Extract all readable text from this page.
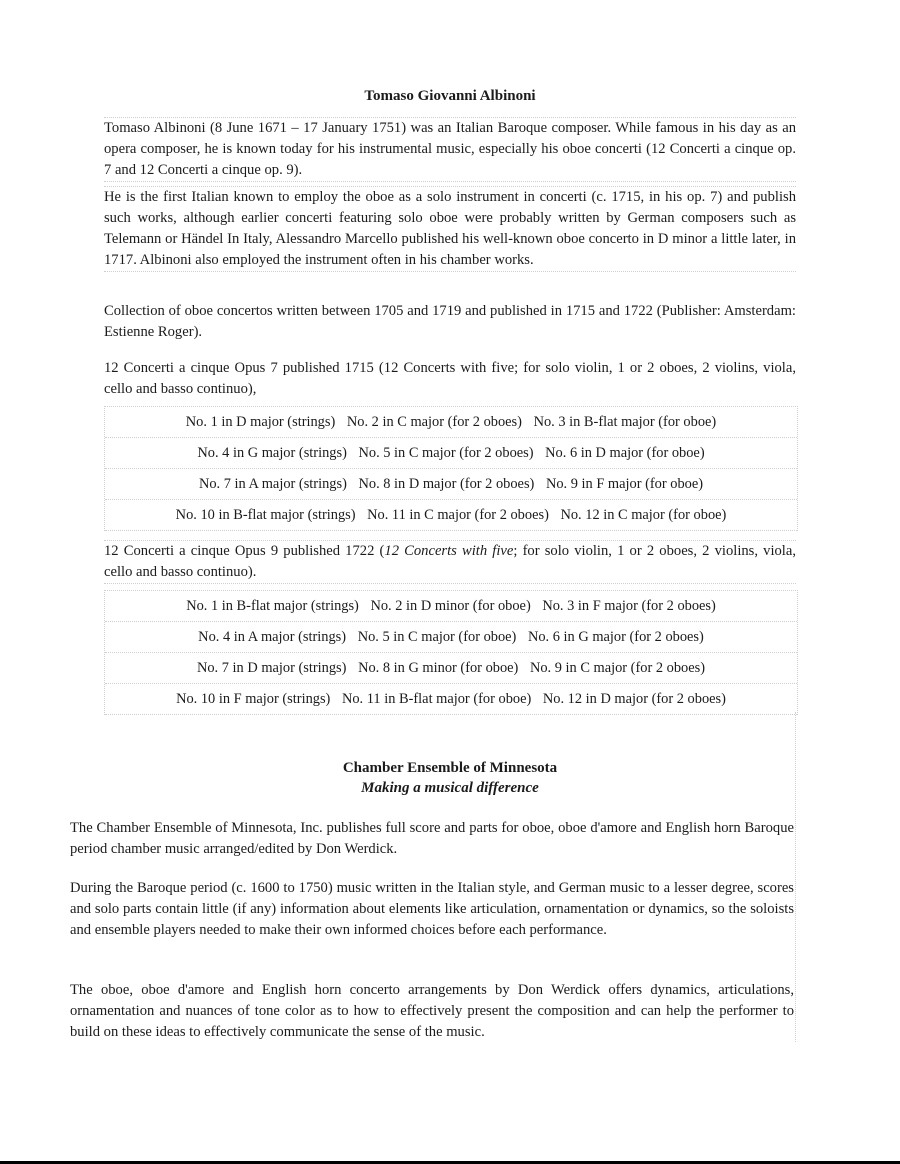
Tomaso Giovanni Albinoni
Tomaso Albinoni (8 June 1671 – 17 January 1751) was an Italian Baroque composer. While famous in his day as an opera composer, he is known today for his instrumental music, especially his oboe concerti (12 Concerti a cinque op. 7 and 12 Concerti a cinque op. 9).
He is the first Italian known to employ the oboe as a solo instrument in concerti (c. 1715, in his op. 7) and publish such works, although earlier concerti featuring solo oboe were probably written by German composers such as Telemann or Händel In Italy, Alessandro Marcello published his well-known oboe concerto in D minor a little later, in 1717. Albinoni also employed the instrument often in his chamber works.
Collection of oboe concertos written between 1705 and 1719 and published in 1715 and 1722 (Publisher: Amsterdam: Estienne Roger).
12 Concerti a cinque Opus 7 published 1715 (12 Concerts with five; for solo violin, 1 or 2 oboes, 2 violins, viola, cello and basso continuo),
No. 1 in D major (strings) No. 2 in C major (for 2 oboes) No. 3 in B-flat major (for oboe)
No. 4 in G major (strings) No. 5 in C major (for 2 oboes) No. 6 in D major (for oboe)
No. 7 in A major (strings) No. 8 in D major (for 2 oboes) No. 9 in F major (for oboe)
No. 10 in B-flat major (strings) No. 11 in C major (for 2 oboes) No. 12 in C major (for oboe)
12 Concerti a cinque Opus 9 published 1722 (12 Concerts with five; for solo violin, 1 or 2 oboes, 2 violins, viola, cello and basso continuo).
No. 1 in B-flat major (strings) No. 2 in D minor (for oboe) No. 3 in F major (for 2 oboes)
No. 4 in A major (strings) No. 5 in C major (for oboe) No. 6 in G major (for 2 oboes)
No. 7 in D major (strings) No. 8 in G minor (for oboe) No. 9 in C major (for 2 oboes)
No. 10 in F major (strings) No. 11 in B-flat major (for oboe) No. 12 in D major (for 2 oboes)
Chamber Ensemble of Minnesota
Making a musical difference
The Chamber Ensemble of Minnesota, Inc. publishes full score and parts for oboe, oboe d'amore and English horn Baroque period chamber music arranged/edited by Don Werdick.
During the Baroque period (c. 1600 to 1750) music written in the Italian style, and German music to a lesser degree, scores and solo parts contain little (if any) information about elements like articulation, ornamentation or dynamics, so the soloists and ensemble players needed to make their own informed choices before each performance.
The oboe, oboe d'amore and English horn concerto arrangements by Don Werdick offers dynamics, articulations, ornamentation and nuances of tone color as to how to effectively present the composition and can help the performer to build on these ideas to effectively communicate the sense of the music.
